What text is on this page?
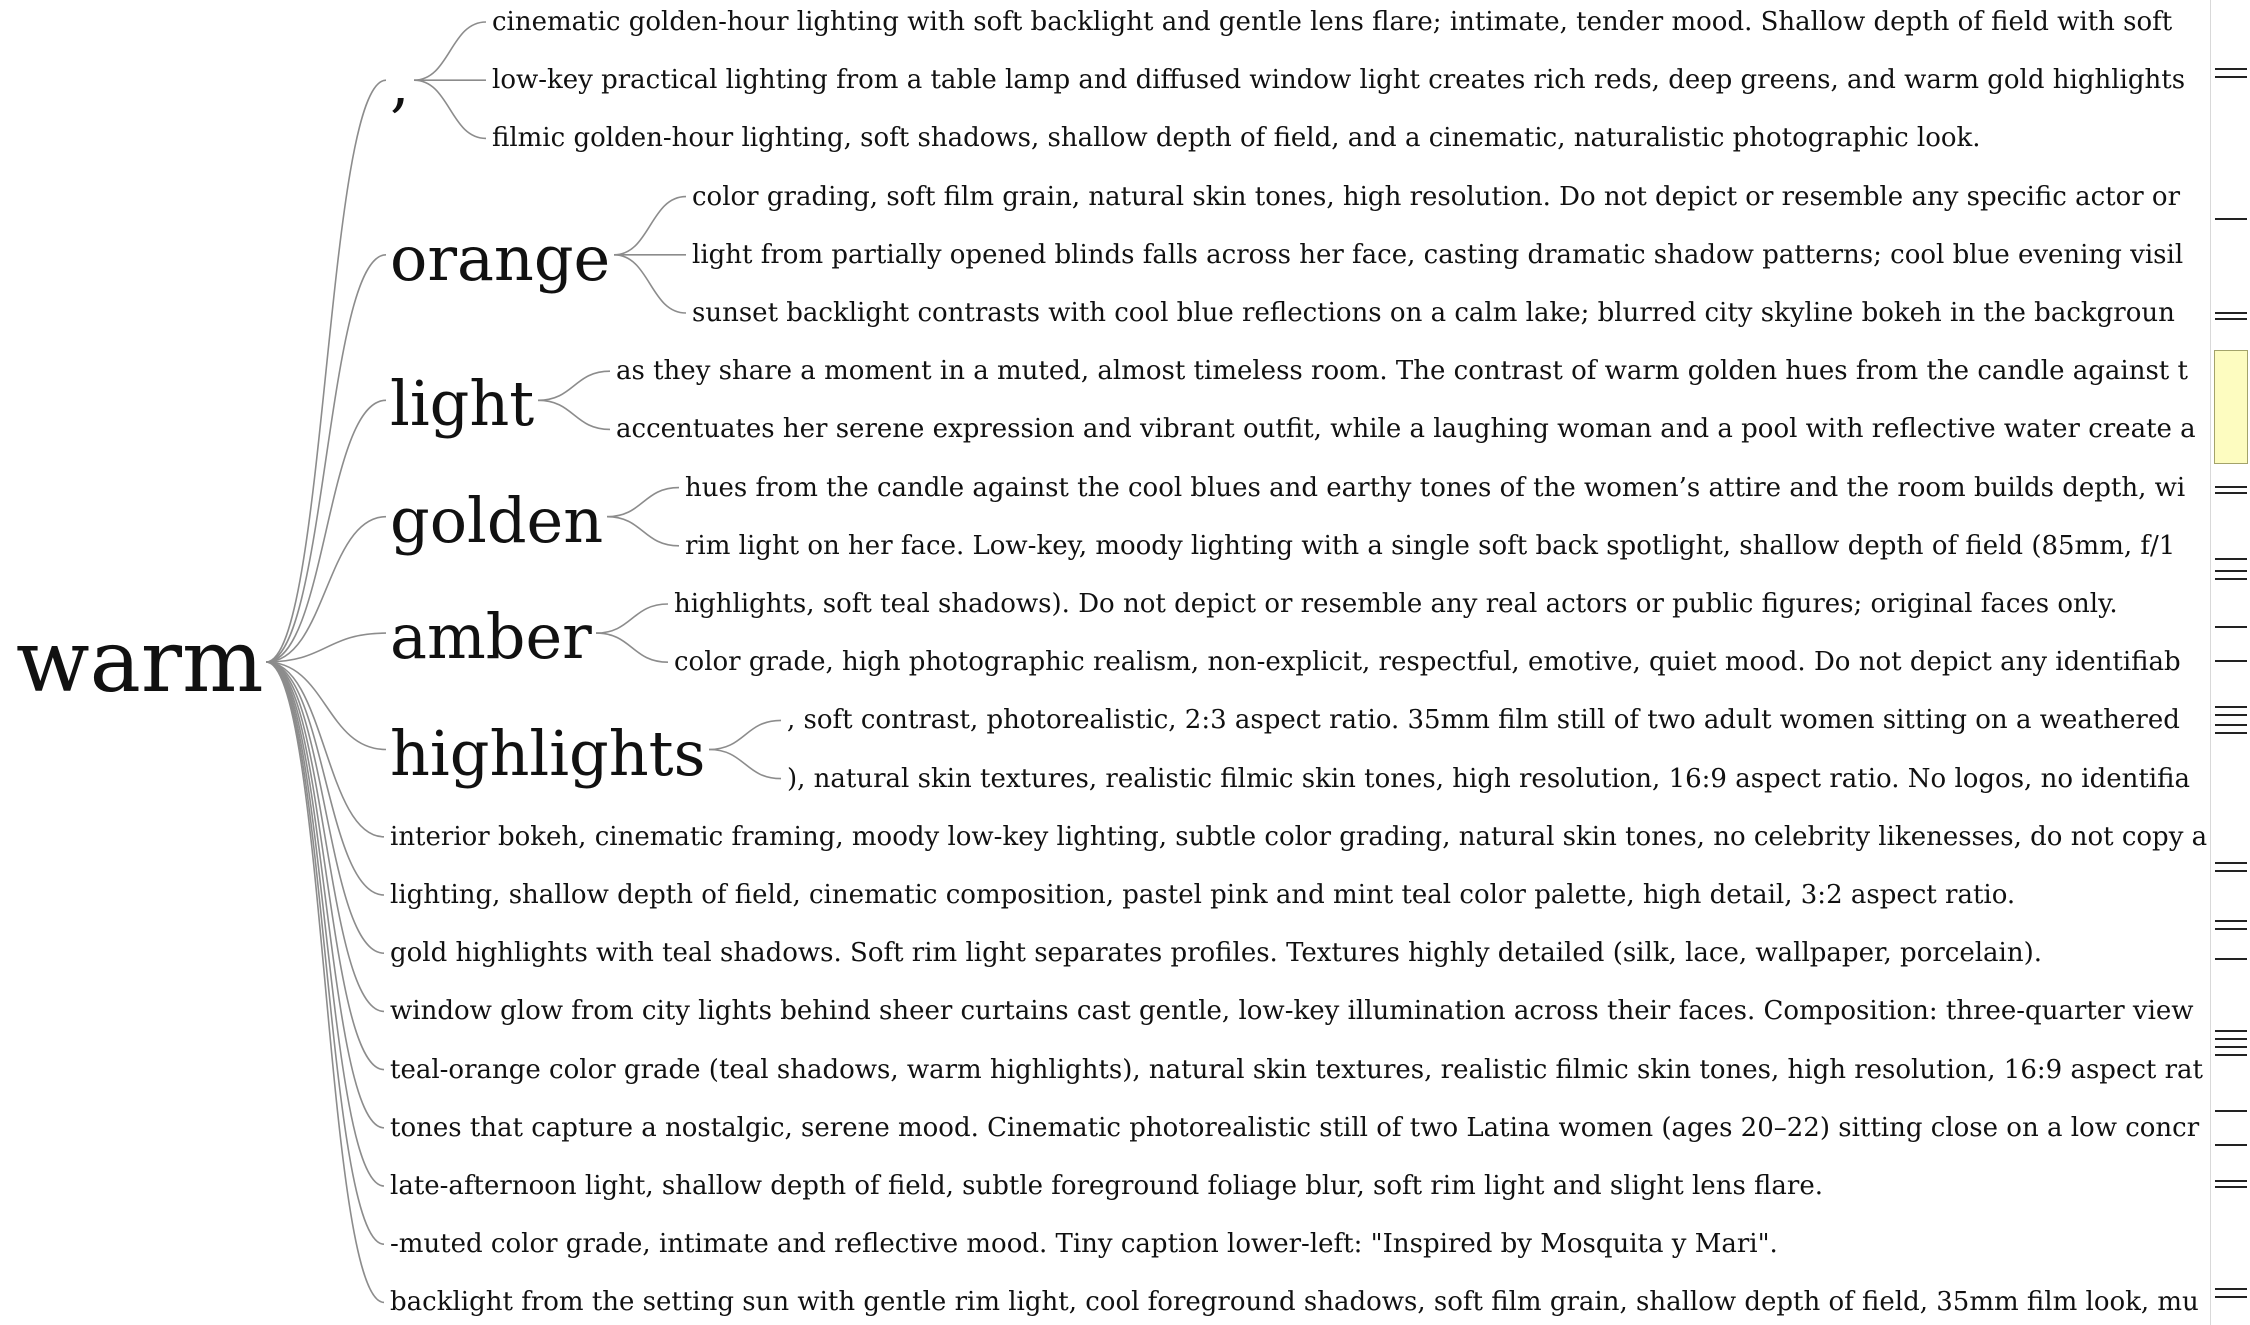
warm
,
cinematic golden-hour lighting with soft backlight and gentle lens flare; intimate, tender mood. Shallow depth of field with soft
low-key practical lighting from a table lamp and diffused window light creates rich reds, deep greens, and warm gold highlights
filmic golden-hour lighting, soft shadows, shallow depth of field, and a cinematic, naturalistic photographic look.
orange
color grading, soft film grain, natural skin tones, high resolution. Do not depict or resemble any specific actor or
light from partially opened blinds falls across her face, casting dramatic shadow patterns; cool blue evening visil
sunset backlight contrasts with cool blue reflections on a calm lake; blurred city skyline bokeh in the backgroun
light	as they share a moment in a muted, almost timeless room. The contrast of warm golden hues from the candle against t
accentuates her serene expression and vibrant outfit, while a laughing woman and a pool with reflective water create a
golden	hues from the candle against the cool blues and earthy tones of the women’s attire and the room builds depth, wi
rim light on her face. Low-key, moody lighting with a single soft back spotlight, shallow depth of field (85mm, f/1
amber	highlights, soft teal shadows). Do not depict or resemble any real actors or public figures; original faces only.
color grade, high photographic realism, non-explicit, respectful, emotive, quiet mood. Do not depict any identifiab
highlights	, soft contrast, photorealistic, 2:3 aspect ratio. 35mm film still of two adult women sitting on a weathered
), natural skin textures, realistic filmic skin tones, high resolution, 16:9 aspect ratio. No logos, no identifia
interior bokeh, cinematic framing, moody low-key lighting, subtle color grading, natural skin tones, no celebrity likenesses, do not copy a
lighting, shallow depth of field, cinematic composition, pastel pink and mint teal color palette, high detail, 3:2 aspect ratio.
gold highlights with teal shadows. Soft rim light separates profiles. Textures highly detailed (silk, lace, wallpaper, porcelain).
window glow from city lights behind sheer curtains cast gentle, low-key illumination across their faces. Composition: three-quarter view
teal-orange color grade (teal shadows, warm highlights), natural skin textures, realistic filmic skin tones, high resolution, 16:9 aspect rat
tones that capture a nostalgic, serene mood. Cinematic photorealistic still of two Latina women (ages 20–22) sitting close on a low concr
late-afternoon light, shallow depth of field, subtle foreground foliage blur, soft rim light and slight lens flare.
-muted color grade, intimate and reflective mood. Tiny caption lower-left: "Inspired by Mosquita y Mari".
backlight from the setting sun with gentle rim light, cool foreground shadows, soft film grain, shallow depth of field, 35mm film look, mu
